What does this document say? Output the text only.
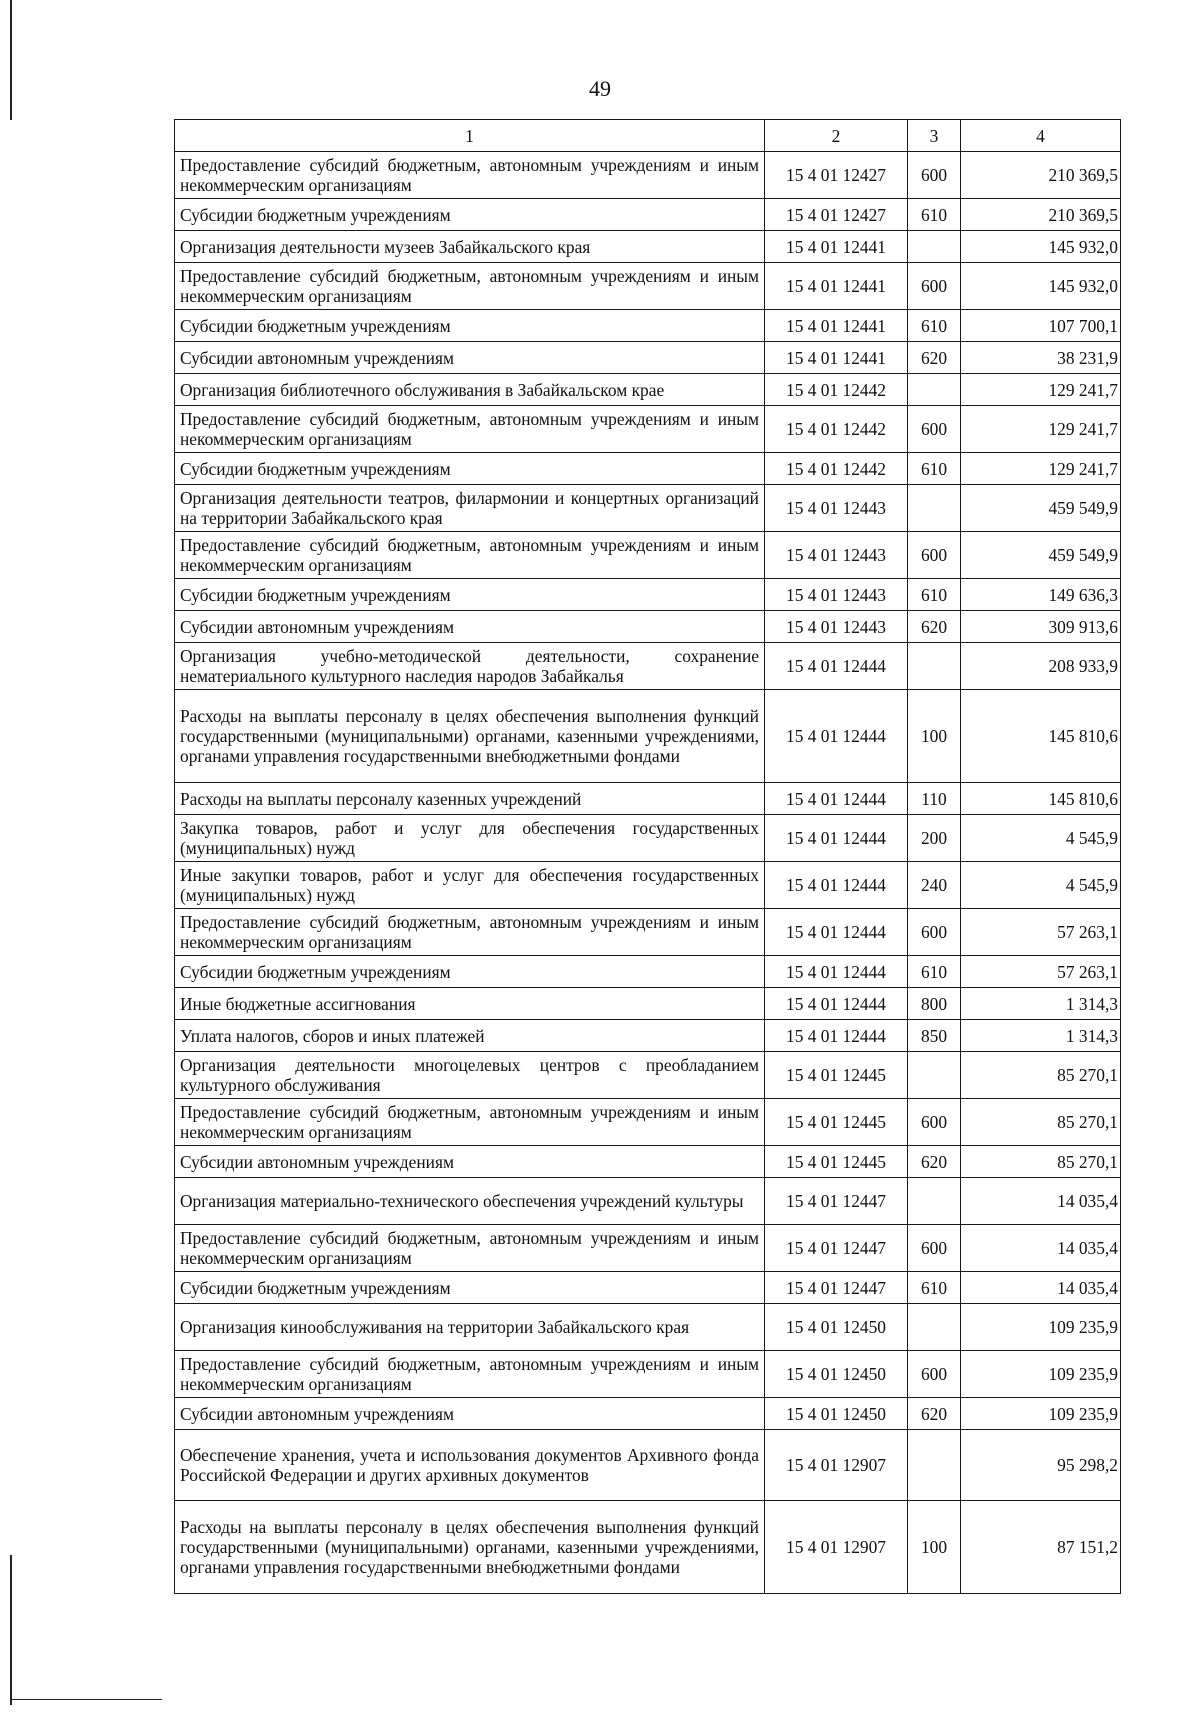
49
1	2	3	4
Предоставление субсидий бюджетным, автономным учреждениям и иным некоммерческим организациям	15 4 01 12427	600	210 369,5
Субсидии бюджетным учреждениям	15 4 01 12427	610	210 369,5
Организация деятельности музеев Забайкальского края	15 4 01 12441		145 932,0
Предоставление субсидий бюджетным, автономным учреждениям и иным некоммерческим организациям	15 4 01 12441	600	145 932,0
Субсидии бюджетным учреждениям	15 4 01 12441	610	107 700,1
Субсидии автономным учреждениям	15 4 01 12441	620	38 231,9
Организация библиотечного обслуживания в Забайкальском крае	15 4 01 12442		129 241,7
Предоставление субсидий бюджетным, автономным учреждениям и иным некоммерческим организациям	15 4 01 12442	600	129 241,7
Субсидии бюджетным учреждениям	15 4 01 12442	610	129 241,7
Организация деятельности театров, филармонии и концертных организаций на территории Забайкальского края	15 4 01 12443		459 549,9
Предоставление субсидий бюджетным, автономным учреждениям и иным некоммерческим организациям	15 4 01 12443	600	459 549,9
Субсидии бюджетным учреждениям	15 4 01 12443	610	149 636,3
Субсидии автономным учреждениям	15 4 01 12443	620	309 913,6
Организация учебно-методической деятельности, сохранение нематериального культурного наследия народов Забайкалья	15 4 01 12444		208 933,9
Расходы на выплаты персоналу в целях обеспечения выполнения функций государственными (муниципальными) органами, казенными учреждениями, органами управления государственными внебюджетными фондами	15 4 01 12444	100	145 810,6
Расходы на выплаты персоналу казенных учреждений	15 4 01 12444	110	145 810,6
Закупка товаров, работ и услуг для обеспечения государственных (муниципальных) нужд	15 4 01 12444	200	4 545,9
Иные закупки товаров, работ и услуг для обеспечения государственных (муниципальных) нужд	15 4 01 12444	240	4 545,9
Предоставление субсидий бюджетным, автономным учреждениям и иным некоммерческим организациям	15 4 01 12444	600	57 263,1
Субсидии бюджетным учреждениям	15 4 01 12444	610	57 263,1
Иные бюджетные ассигнования	15 4 01 12444	800	1 314,3
Уплата налогов, сборов и иных платежей	15 4 01 12444	850	1 314,3
Организация деятельности многоцелевых центров с преобладанием культурного обслуживания	15 4 01 12445		85 270,1
Предоставление субсидий бюджетным, автономным учреждениям и иным некоммерческим организациям	15 4 01 12445	600	85 270,1
Субсидии автономным учреждениям	15 4 01 12445	620	85 270,1
Организация материально-технического обеспечения учреждений культуры	15 4 01 12447		14 035,4
Предоставление субсидий бюджетным, автономным учреждениям и иным некоммерческим организациям	15 4 01 12447	600	14 035,4
Субсидии бюджетным учреждениям	15 4 01 12447	610	14 035,4
Организация кинообслуживания на территории Забайкальского края	15 4 01 12450		109 235,9
Предоставление субсидий бюджетным, автономным учреждениям и иным некоммерческим организациям	15 4 01 12450	600	109 235,9
Субсидии автономным учреждениям	15 4 01 12450	620	109 235,9
Обеспечение хранения, учета и использования документов Архивного фонда Российской Федерации и других архивных документов	15 4 01 12907		95 298,2
Расходы на выплаты персоналу в целях обеспечения выполнения функций государственными (муниципальными) органами, казенными учреждениями, органами управления государственными внебюджетными фондами	15 4 01 12907	100	87 151,2
